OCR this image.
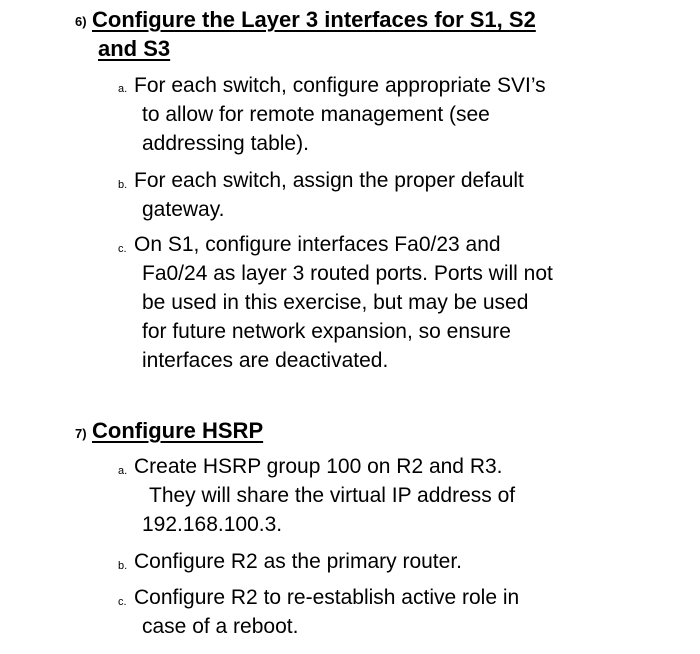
6) Configure the Layer 3 interfaces for S1, S2
and S3
a. For each switch, configure appropriate SVI’s
to allow for remote management (see
addressing table).
b. For each switch, assign the proper default
gateway.
c. On S1, configure interfaces Fa0/23 and
Fa0/24 as layer 3 routed ports. Ports will not
be used in this exercise, but may be used
for future network expansion, so ensure
interfaces are deactivated.
7) Configure HSRP
a. Create HSRP group 100 on R2 and R3.
They will share the virtual IP address of
192.168.100.3.
b. Configure R2 as the primary router.
c. Configure R2 to re-establish active role in
case of a reboot.
